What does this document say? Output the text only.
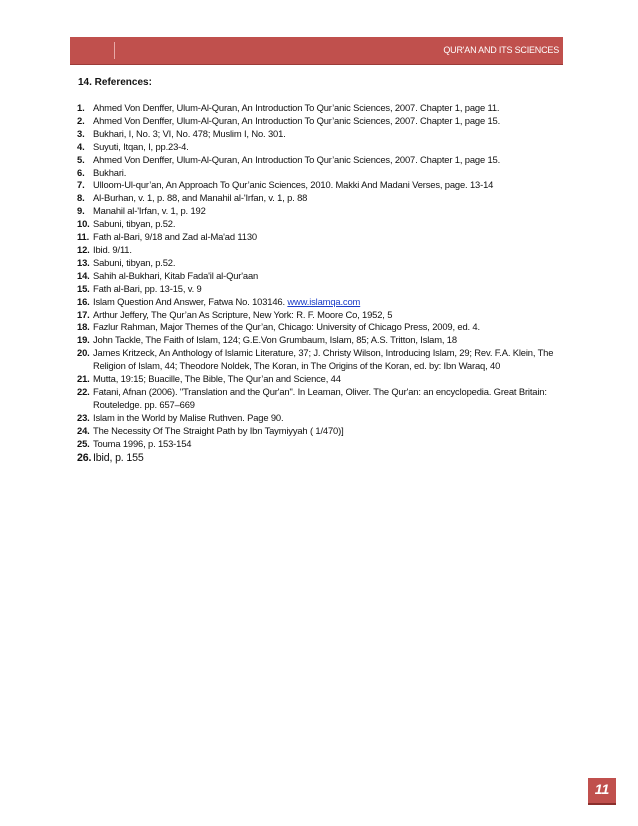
QUR'AN AND ITS SCIENCES
14. References:
1. Ahmed Von Denffer, Ulum-Al-Quran, An Introduction To Qur’anic Sciences, 2007. Chapter 1, page 11.
2. Ahmed Von Denffer, Ulum-Al-Quran, An Introduction To Qur’anic Sciences, 2007. Chapter 1, page 15.
3. Bukhari, I, No. 3; VI, No. 478; Muslim I, No. 301.
4. Suyuti, Itqan, I, pp.23-4.
5. Ahmed Von Denffer, Ulum-Al-Quran, An Introduction To Qur’anic Sciences, 2007. Chapter 1, page 15.
6. Bukhari.
7. Ulloom-Ul-qur’an, An Approach To Qur’anic Sciences, 2010. Makki And Madani Verses, page. 13-14
8. Al-Burhan, v. 1, p. 88, and Manahil al-'Irfan, v. 1, p. 88
9. Manahil al-'Irfan, v. 1, p. 192
10. Sabuni, tibyan, p.52.
11. Fath al-Bari, 9/18 and Zad al-Ma'ad 1130
12. Ibid. 9/11.
13. Sabuni, tibyan, p.52.
14. Sahih al-Bukhari, Kitab Fada'il al-Qur'aan
15. Fath al-Bari, pp. 13-15, v. 9
16. Islam Question And Answer, Fatwa No. 103146. www.islamqa.com
17. Arthur Jeffery, The Qur’an As Scripture, New York: R. F. Moore Co, 1952, 5
18. Fazlur Rahman, Major Themes of the Qur’an, Chicago: University of Chicago Press, 2009, ed. 4.
19. John Tackle, The Faith of Islam, 124; G.E.Von Grumbaum, Islam, 85; A.S. Tritton, Islam, 18
20. James Kritzeck, An Anthology of Islamic Literature, 37; J. Christy Wilson, Introducing Islam, 29; Rev. F.A. Klein, The Religion of Islam, 44; Theodore Noldek, The Koran, in The Origins of the Koran, ed. by: Ibn Waraq, 40
21. Mutta, 19:15; Buacille, The Bible, The Qur’an and Science, 44
22. Fatani, Afnan (2006). "Translation and the Qur'an". In Leaman, Oliver. The Qur'an: an encyclopedia. Great Britain: Routeledge. pp. 657–669
23. Islam in the World by Malise Ruthven. Page 90.
24. The Necessity Of The Straight Path by Ibn Taymiyyah ( 1/470)]
25. Touma 1996, p. 153-154
26. Ibid, p. 155
11
